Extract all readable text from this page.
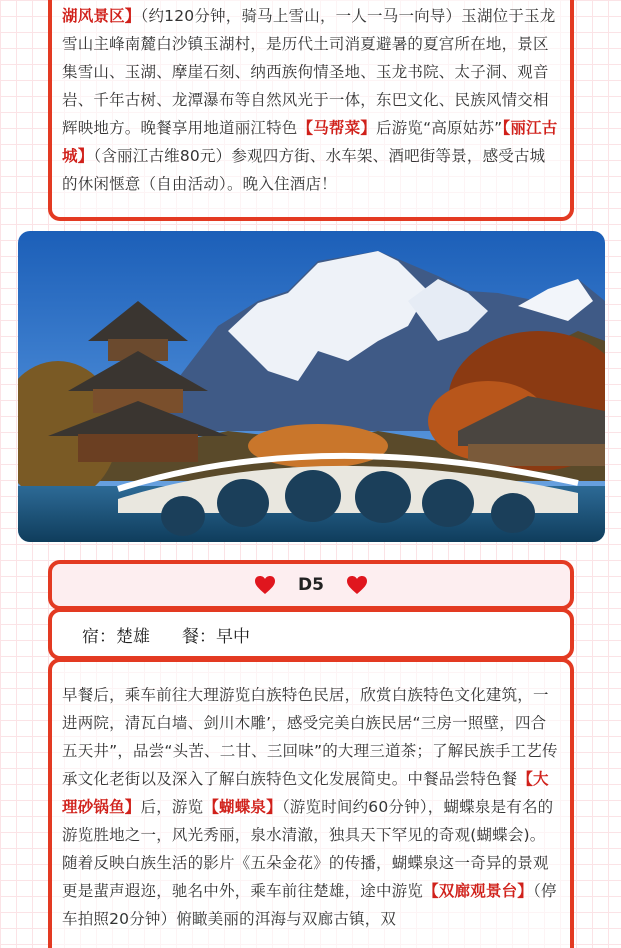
湖风景区】（约120分钟，骑马上雪山，一人一马一向导）玉湖位于玉龙雪山主峰南麓白沙镇玉湖村，是历代土司消夏避暑的夏宫所在地，景区集雪山、玉湖、摩崖石刻、纳西族佝情圣地、玉龙书院、太子洞、观音岩、千年古树、龙潭瀑布等自然风光于一体，东巴文化、民族风情交相辉映地方。晚餐享用地道丽江特色【马帮菜】后游览“高原姑苏”【丽江古城】（含丽江古维80元）参观四方街、水车架、酒吧街等景，感受古城的休闲惬意（自由活动）。晚入住酒店！

D5
宿：楚雄 餐：早中

早餐后，乘车前往大理游览白族特色民居，欣赏白族特色文化建筑，一进两院，清瓦白墙、剑川木雕’，感受完美白族民居“三房一照壁，四合五天井”，品尝“头苦、二甘、三回味”的大理三道茶；了解民族手工艺传承文化老街以及深入了解白族特色文化发展简史。中餐品尝特色餐【大理砂锅鱼】后，游览【蝴蝶泉】（游览时间约60分钟），蝴蝶泉是有名的游览胜地之一，风光秀丽，泉水清澈，独具天下罕见的奇观(蝴蝶会)。随着反映白族生活的影片《五朵金花》的传播，蝴蝶泉这一奇异的景观更是蜚声遐迩，驰名中外，乘车前往楚雄，途中游览【双廊观景台】（停车拍照20分钟）俯瞰美丽的洱海与双廊古镇，双
